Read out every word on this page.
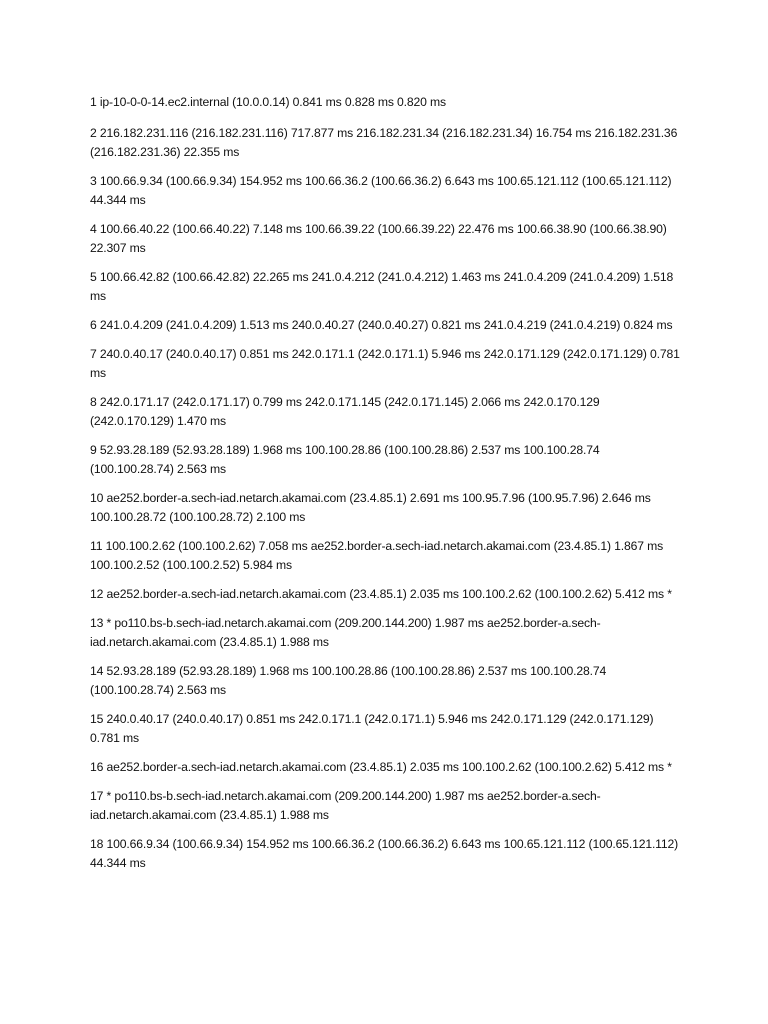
1 ip-10-0-0-14.ec2.internal (10.0.0.14) 0.841 ms 0.828 ms 0.820 ms

2 216.182.231.116 (216.182.231.116) 717.877 ms 216.182.231.34 (216.182.231.34) 16.754 ms 216.182.231.36 (216.182.231.36) 22.355 ms

3 100.66.9.34 (100.66.9.34) 154.952 ms 100.66.36.2 (100.66.36.2) 6.643 ms 100.65.121.112 (100.65.121.112) 44.344 ms

4 100.66.40.22 (100.66.40.22) 7.148 ms 100.66.39.22 (100.66.39.22) 22.476 ms 100.66.38.90 (100.66.38.90) 22.307 ms

5 100.66.42.82 (100.66.42.82) 22.265 ms 241.0.4.212 (241.0.4.212) 1.463 ms 241.0.4.209 (241.0.4.209) 1.518 ms

6 241.0.4.209 (241.0.4.209) 1.513 ms 240.0.40.27 (240.0.40.27) 0.821 ms 241.0.4.219 (241.0.4.219) 0.824 ms

7 240.0.40.17 (240.0.40.17) 0.851 ms 242.0.171.1 (242.0.171.1) 5.946 ms 242.0.171.129 (242.0.171.129) 0.781 ms

8 242.0.171.17 (242.0.171.17) 0.799 ms 242.0.171.145 (242.0.171.145) 2.066 ms 242.0.170.129 (242.0.170.129) 1.470 ms

9 52.93.28.189 (52.93.28.189) 1.968 ms 100.100.28.86 (100.100.28.86) 2.537 ms 100.100.28.74 (100.100.28.74) 2.563 ms

10 ae252.border-a.sech-iad.netarch.akamai.com (23.4.85.1) 2.691 ms 100.95.7.96 (100.95.7.96) 2.646 ms 100.100.28.72 (100.100.28.72) 2.100 ms

11 100.100.2.62 (100.100.2.62) 7.058 ms ae252.border-a.sech-iad.netarch.akamai.com (23.4.85.1) 1.867 ms 100.100.2.52 (100.100.2.52) 5.984 ms

12 ae252.border-a.sech-iad.netarch.akamai.com (23.4.85.1) 2.035 ms 100.100.2.62 (100.100.2.62) 5.412 ms *

13 * po110.bs-b.sech-iad.netarch.akamai.com (209.200.144.200) 1.987 ms ae252.border-a.sech-iad.netarch.akamai.com (23.4.85.1) 1.988 ms

14 52.93.28.189 (52.93.28.189) 1.968 ms 100.100.28.86 (100.100.28.86) 2.537 ms 100.100.28.74 (100.100.28.74) 2.563 ms

15 240.0.40.17 (240.0.40.17) 0.851 ms 242.0.171.1 (242.0.171.1) 5.946 ms 242.0.171.129 (242.0.171.129) 0.781 ms

16 ae252.border-a.sech-iad.netarch.akamai.com (23.4.85.1) 2.035 ms 100.100.2.62 (100.100.2.62) 5.412 ms *

17 * po110.bs-b.sech-iad.netarch.akamai.com (209.200.144.200) 1.987 ms ae252.border-a.sech-iad.netarch.akamai.com (23.4.85.1) 1.988 ms

18 100.66.9.34 (100.66.9.34) 154.952 ms 100.66.36.2 (100.66.36.2) 6.643 ms 100.65.121.112 (100.65.121.112) 44.344 ms
